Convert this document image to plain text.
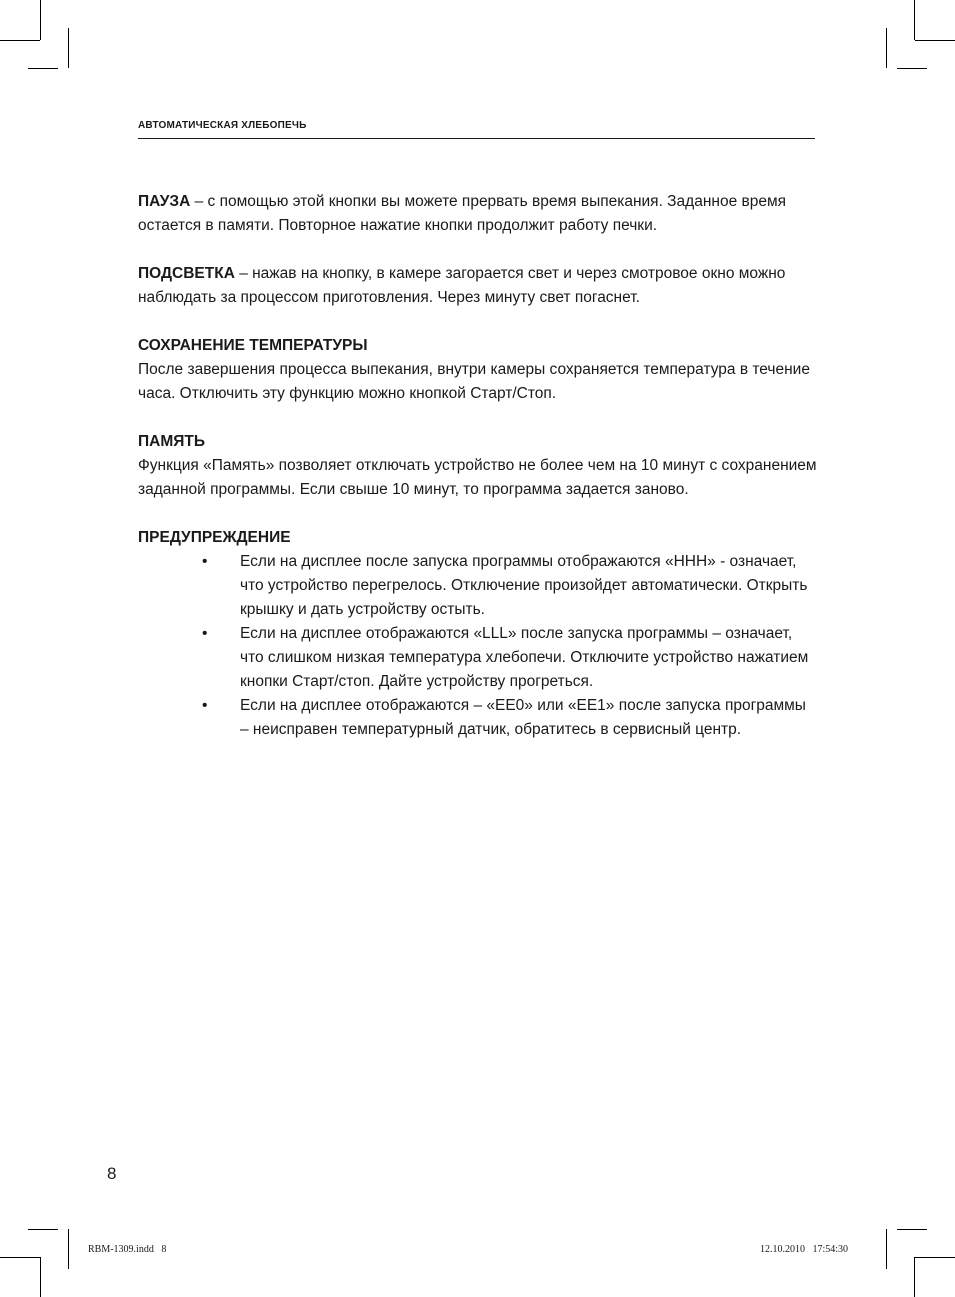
АВТОМАТИЧЕСКАЯ ХЛЕБОПЕЧЬ

ПАУЗА – с помощью этой кнопки вы можете прервать время выпекания. Заданное время остается в памяти. Повторное нажатие кнопки продолжит работу печки.

ПОДСВЕТКА – нажав на кнопку, в камере загорается свет и через смотровое окно можно наблюдать за процессом приготовления. Через минуту свет погаснет.

СОХРАНЕНИЕ ТЕМПЕРАТУРЫ
После завершения процесса выпекания, внутри камеры сохраняется температура в течение часа. Отключить эту функцию можно кнопкой Старт/Стоп.

ПАМЯТЬ
Функция «Память» позволяет отключать устройство не более чем на 10 минут с сохранением заданной программы. Если свыше 10 минут, то программа задается заново.

ПРЕДУПРЕЖДЕНИЕ
• Если на дисплее после запуска программы отображаются «HHH» - означает, что устройство перегрелось. Отключение произойдет автоматически. Открыть крышку и дать устройству остыть.
• Если на дисплее отображаются «LLL» после запуска программы – означает, что слишком низкая температура хлебопечи. Отключите устройство нажатием кнопки Старт/стоп. Дайте устройству прогреться.
• Если на дисплее отображаются – «EE0» или «EE1» после запуска программы – неисправен температурный датчик, обратитесь в сервисный центр.
8
RBM-1309.indd   8	12.10.2010   17:54:30
